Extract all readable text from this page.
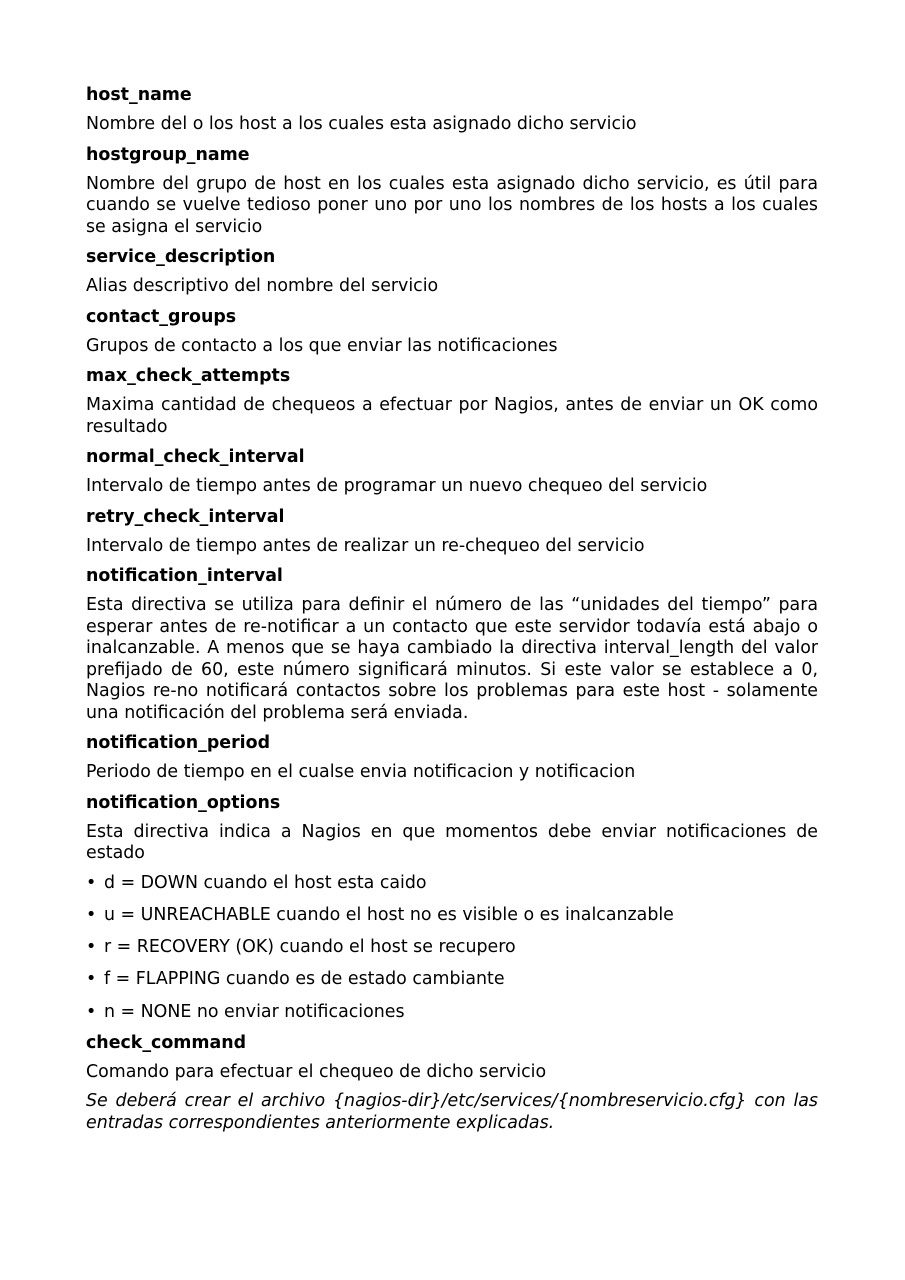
host_name

Nombre del o los host a los cuales esta asignado dicho servicio

hostgroup_name

Nombre del grupo de host en los cuales esta asignado dicho servicio, es útil para cuando se vuelve tedioso poner uno por uno los nombres de los hosts a los cuales se asigna el servicio

service_description

Alias descriptivo del nombre del servicio

contact_groups

Grupos de contacto a los que enviar las notificaciones

max_check_attempts

Maxima cantidad de chequeos a efectuar por Nagios, antes de enviar un OK como resultado

normal_check_interval

Intervalo de tiempo antes de programar un nuevo chequeo del servicio

retry_check_interval

Intervalo de tiempo antes de realizar un re-chequeo del servicio

notification_interval

Esta directiva se utiliza para definir el número de las “unidades del tiempo” para esperar antes de re-notificar a un contacto que este servidor todavía está abajo o inalcanzable. A menos que se haya cambiado la directiva interval_length del valor prefijado de 60, este número significará minutos. Si este valor se establece a 0, Nagios re-no notificará contactos sobre los problemas para este host - solamente una notificación del problema será enviada.

notification_period

Periodo de tiempo en el cualse envia notificacion y notificacion

notification_options

Esta directiva indica a Nagios en que momentos debe enviar notificaciones de estado

• d = DOWN cuando el host esta caido
• u = UNREACHABLE cuando el host no es visible o es inalcanzable
• r = RECOVERY (OK) cuando el host se recupero
• f = FLAPPING cuando es de estado cambiante
• n = NONE no enviar notificaciones
check_command

Comando para efectuar el chequeo de dicho servicio

Se deberá crear el archivo {nagios-dir}/etc/services/{nombreservicio.cfg} con las entradas correspondientes anteriormente explicadas.
